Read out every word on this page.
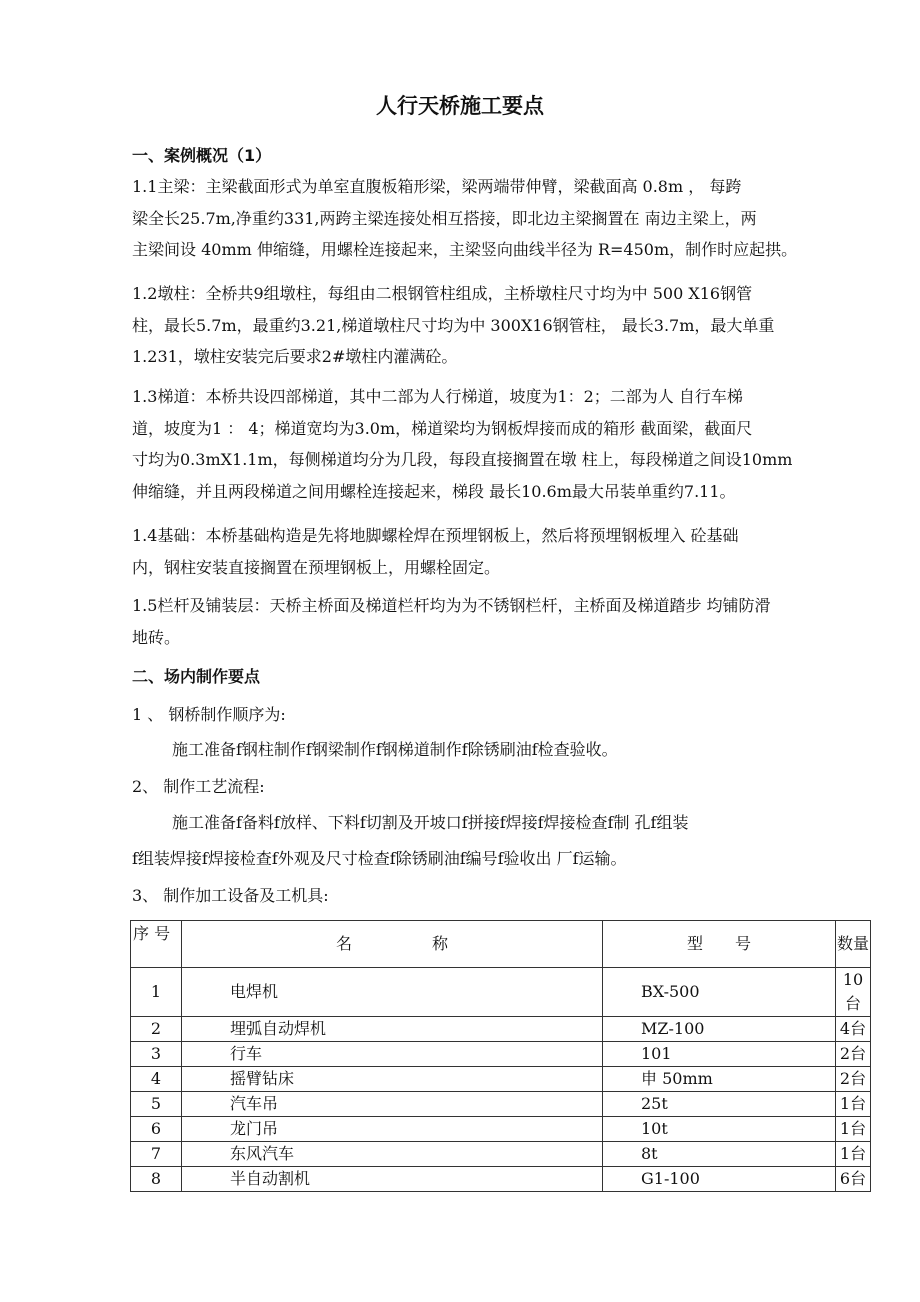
人行天桥施工要点
一、案例概况（1）
1.1主梁：主梁截面形式为单室直腹板箱形梁，梁两端带伸臂，梁截面高 0.8m ， 每跨
梁全长25.7m,净重约331,两跨主梁连接处相互搭接，即北边主梁搁置在 南边主梁上，两
主梁间设 40mm 伸缩缝，用螺栓连接起来，主梁竖向曲线半径为 R=450m，制作时应起拱。
1.2墩柱：全桥共9组墩柱，每组由二根钢管柱组成，主桥墩柱尺寸均为中 500 X16钢管
柱，最长5.7m，最重约3.21,梯道墩柱尺寸均为中 300X16钢管柱， 最长3.7m，最大单重
1.231，墩柱安装完后要求2#墩柱内灌满砼。
1.3梯道：本桥共设四部梯道，其中二部为人行梯道，坡度为1：2；二部为人 自行车梯
道，坡度为1 ： 4；梯道宽均为3.0m，梯道梁均为钢板焊接而成的箱形 截面梁，截面尺
寸均为0.3mX1.1m，每侧梯道均分为几段，每段直接搁置在墩 柱上，每段梯道之间设10mm
伸缩缝，并且两段梯道之间用螺栓连接起来，梯段 最长10.6m最大吊装单重约7.11。
1.4基础：本桥基础构造是先将地脚螺栓焊在预埋钢板上，然后将预埋钢板埋入 砼基础
内，钢柱安装直接搁置在预埋钢板上，用螺栓固定。
1.5栏杆及铺装层：天桥主桥面及梯道栏杆均为为不锈钢栏杆，主桥面及梯道踏步 均铺防滑
地砖。
二、场内制作要点
1 、 钢桥制作顺序为:
施工准备f钢柱制作f钢梁制作f钢梯道制作f除锈刷油f检查验收。
2、 制作工艺流程:
施工准备f备料f放样、下料f切割及开坡口f拼接f焊接f焊接检查f制 孔f组装
f组装焊接f焊接检查f外观及尺寸检查f除锈刷油f编号f验收出 厂f运输。
3、 制作加工设备及工机具:
序 号	名　　　　　称	型　　号	数量
1	电焊机	BX-500	10台
2	埋弧自动焊机	MZ-100	4台
3	行车	101	2台
4	摇臂钻床	申 50mm	2台
5	汽车吊	25t	1台
6	龙门吊	10t	1台
7	东风汽车	8t	1台
8	半自动割机	G1-100	6台
